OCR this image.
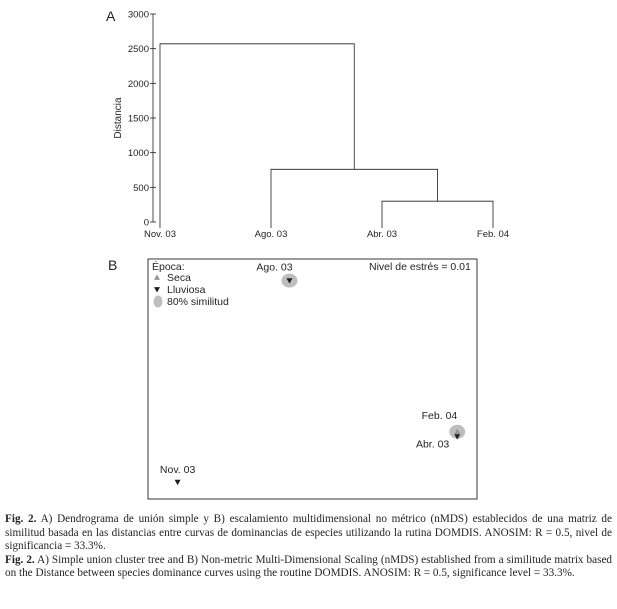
A
Distancia
0
500
1000
1500
2000
2500
3000
Nov. 03	Ago. 03	Abr. 03	Feb. 04
B	Nivel de estrés = 0.01
Época:
Seca
Lluviosa
80% similitud
Ago. 03
Feb. 04
Abr. 03
Nov. 03

Fig. 2. A) Dendrograma de unión simple y B) escalamiento multidimensional no métrico (nMDS) establecidos de una matriz de similitud basada en las distancias entre curvas de dominancias de especies utilizando la rutina DOMDIS. ANOSIM: R = 0.5, nivel de significancia = 33.3%.

Fig. 2. A) Simple union cluster tree and B) Non-metric Multi-Dimensional Scaling (nMDS) established from a similitude matrix based on the Distance between species dominance curves using the routine DOMDIS. ANOSIM: R = 0.5, significance level = 33.3%.
